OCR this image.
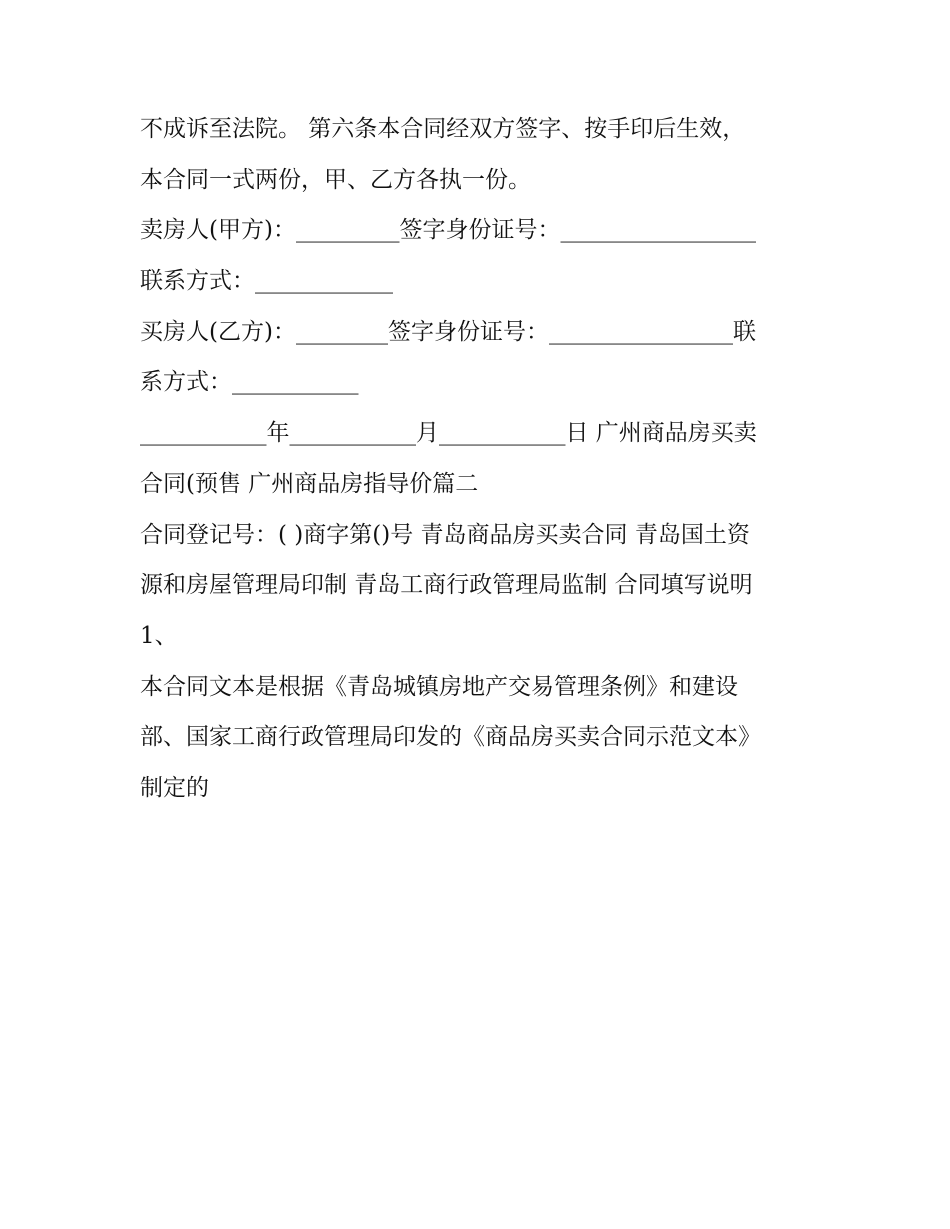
不成诉至法院。 第六条本合同经双方签字、按手印后生效，
本合同一式两份，甲、乙方各执一份。
卖房人(甲方)：_________签字身份证号：_________________
联系方式：____________
买房人(乙方)：________签字身份证号：________________联
系方式：___________
___________年___________月___________日 广州商品房买卖
合同(预售 广州商品房指导价篇二
合同登记号：( )商字第()号 青岛商品房买卖合同 青岛国土资
源和房屋管理局印制 青岛工商行政管理局监制 合同填写说明
1、
本合同文本是根据《青岛城镇房地产交易管理条例》和建设
部、国家工商行政管理局印发的《商品房买卖合同示范文本》
制定的
